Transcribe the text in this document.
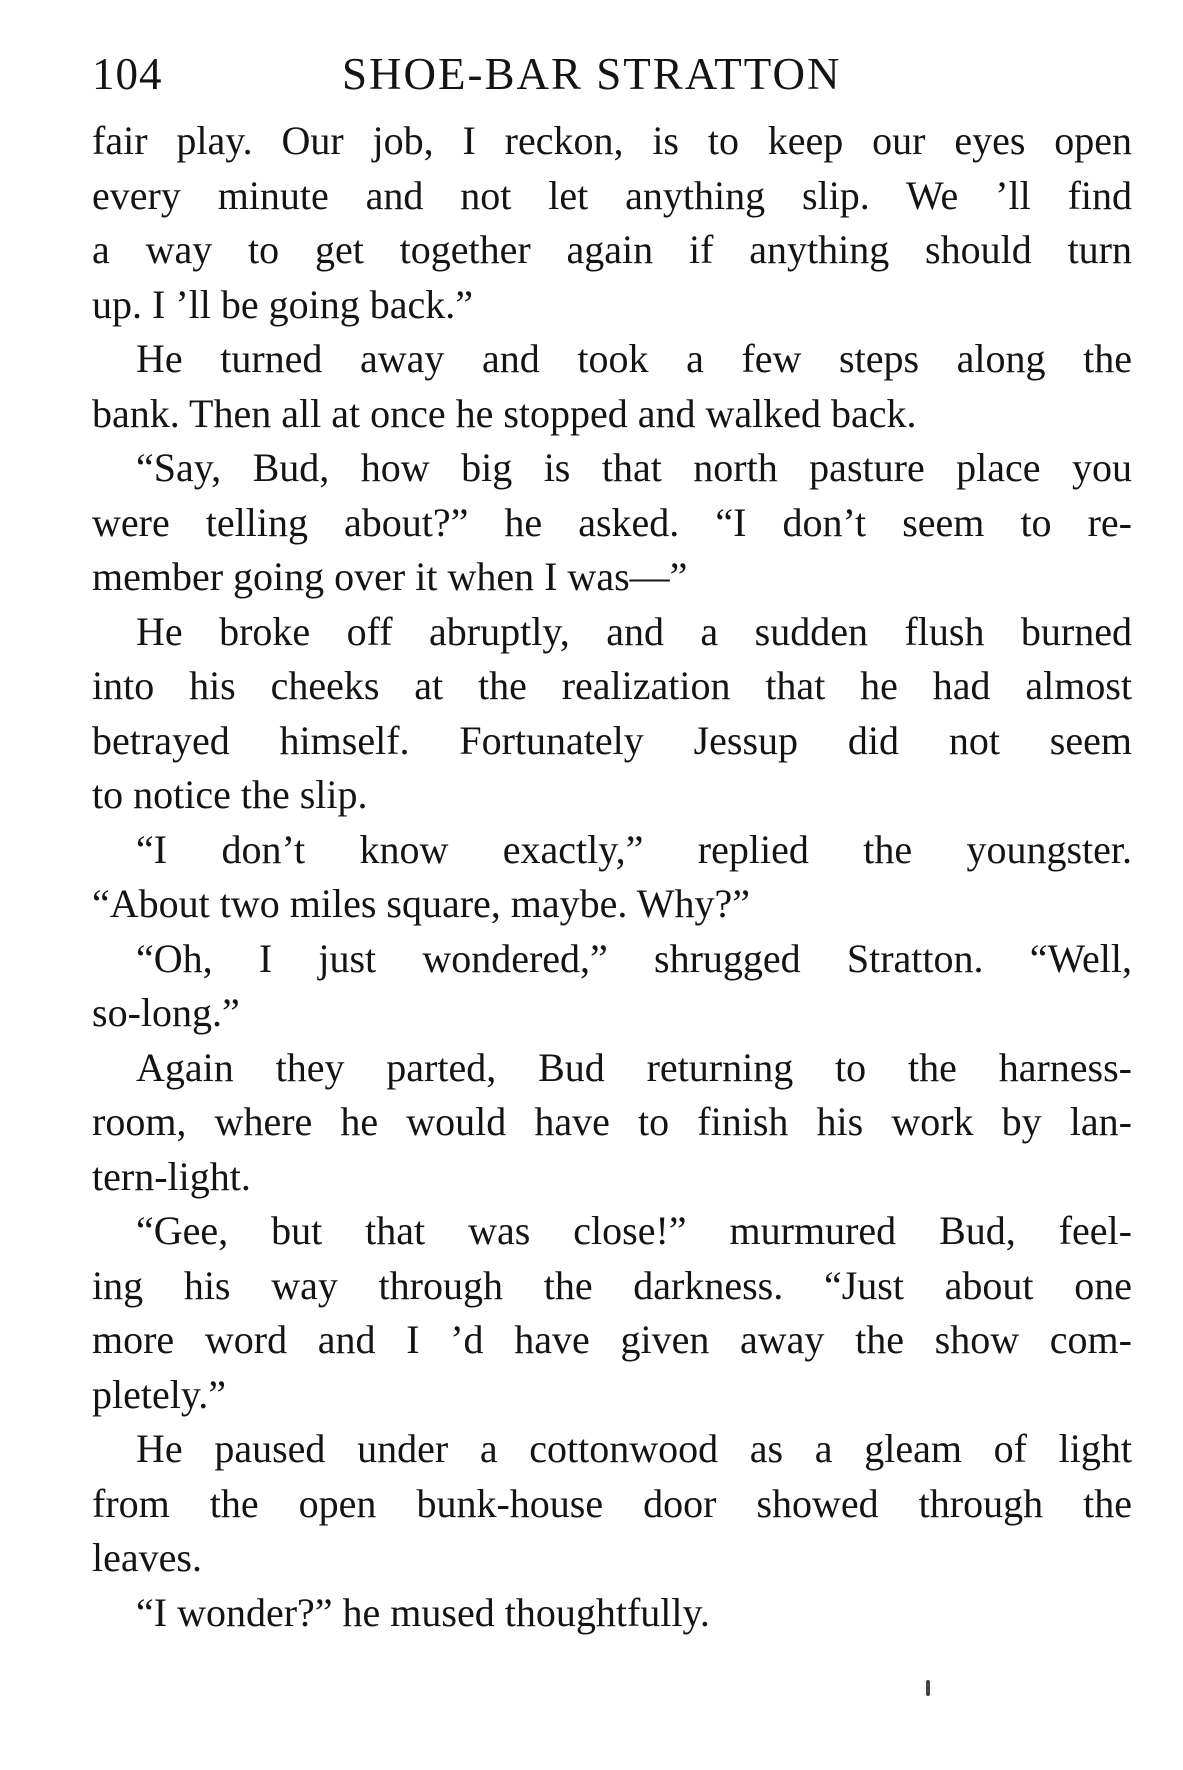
104	SHOE-BAR STRATTON

fair play. Our job, I reckon, is to keep our eyes open
every minute and not let anything slip. We ’ll find
a way to get together again if anything should turn
up. I ’ll be going back.”

He turned away and took a few steps along the
bank. Then all at once he stopped and walked back.

“Say, Bud, how big is that north pasture place you
were telling about?” he asked. “I don’t seem to re-
member going over it when I was—”

He broke off abruptly, and a sudden flush burned
into his cheeks at the realization that he had almost
betrayed himself. Fortunately Jessup did not seem
to notice the slip.

“I don’t know exactly,” replied the youngster.
“About two miles square, maybe. Why?”

“Oh, I just wondered,” shrugged Stratton. “Well,
so-long.”

Again they parted, Bud returning to the harness-
room, where he would have to finish his work by lan-
tern-light.

“Gee, but that was close!” murmured Bud, feel-
ing his way through the darkness. “Just about one
more word and I ’d have given away the show com-
pletely.”

He paused under a cottonwood as a gleam of light
from the open bunk-house door showed through the
leaves.

“I wonder?” he mused thoughtfully.
